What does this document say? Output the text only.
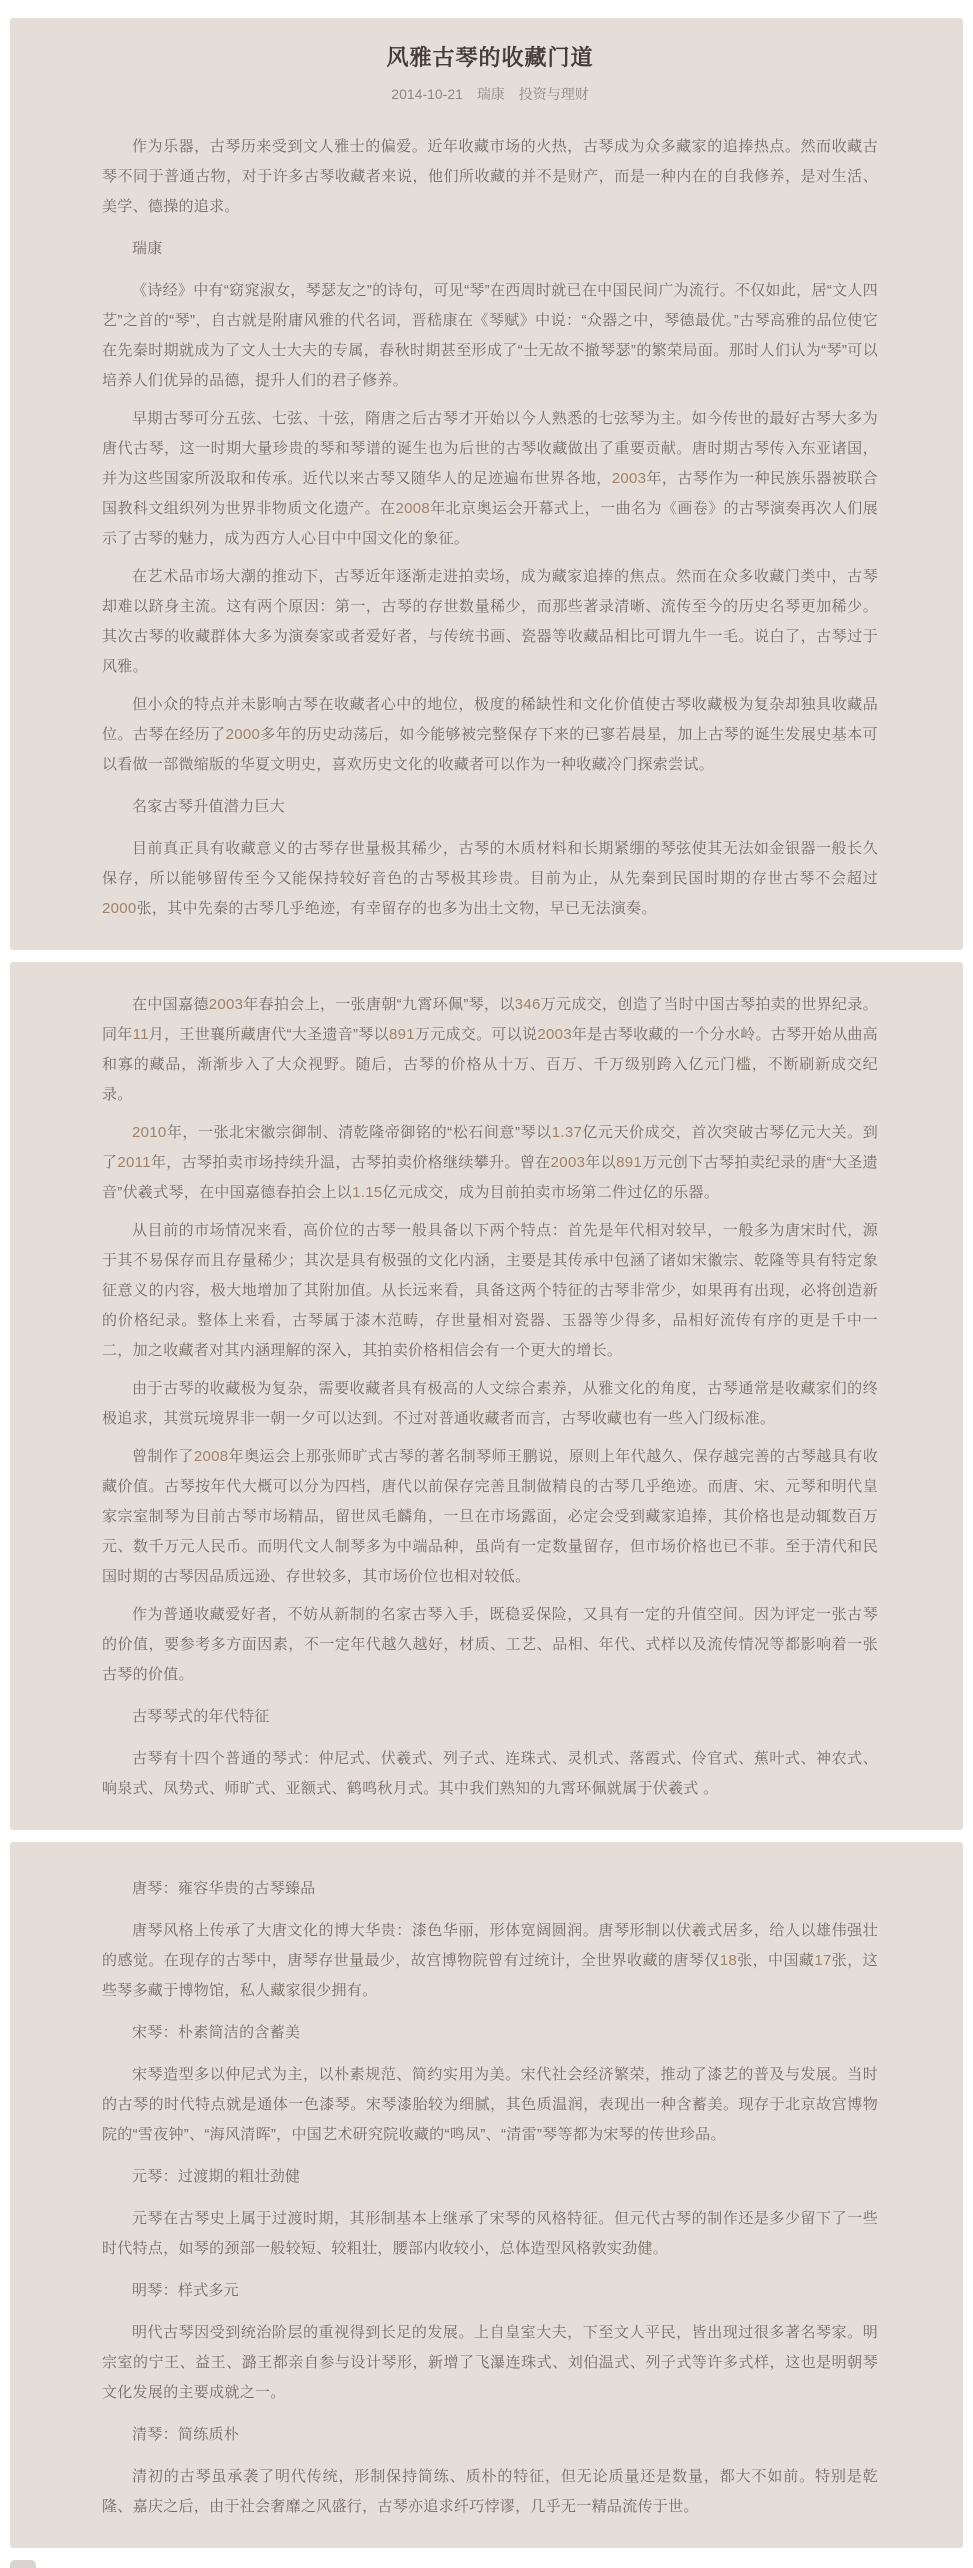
风雅古琴的收藏门道
2014-10-21 瑞康 投资与理财

作为乐器，古琴历来受到文人雅士的偏爱。近年收藏市场的火热，古琴成为众多藏家的追捧热点。然而收藏古琴不同于普通古物，对于许多古琴收藏者来说，他们所收藏的并不是财产，而是一种内在的自我修养，是对生活、美学、德操的追求。

瑞康

《诗经》中有“窈窕淑女，琴瑟友之”的诗句，可见“琴”在西周时就已在中国民间广为流行。不仅如此，居“文人四艺”之首的“琴”，自古就是附庸风雅的代名词，晋嵇康在《琴赋》中说：“众器之中，琴德最优。”古琴高雅的品位使它在先秦时期就成为了文人士大夫的专属，春秋时期甚至形成了“士无故不撤琴瑟”的繁荣局面。那时人们认为“琴”可以培养人们优异的品德，提升人们的君子修养。

早期古琴可分五弦、七弦、十弦，隋唐之后古琴才开始以今人熟悉的七弦琴为主。如今传世的最好古琴大多为唐代古琴，这一时期大量珍贵的琴和琴谱的诞生也为后世的古琴收藏做出了重要贡献。唐时期古琴传入东亚诸国，并为这些国家所汲取和传承。近代以来古琴又随华人的足迹遍布世界各地，2003年，古琴作为一种民族乐器被联合国教科文组织列为世界非物质文化遗产。在2008年北京奥运会开幕式上，一曲名为《画卷》的古琴演奏再次人们展示了古琴的魅力，成为西方人心目中中国文化的象征。

在艺术品市场大潮的推动下，古琴近年逐渐走进拍卖场，成为藏家追捧的焦点。然而在众多收藏门类中，古琴却难以跻身主流。这有两个原因：第一，古琴的存世数量稀少，而那些著录清晰、流传至今的历史名琴更加稀少。其次古琴的收藏群体大多为演奏家或者爱好者，与传统书画、瓷器等收藏品相比可谓九牛一毛。说白了，古琴过于风雅。

但小众的特点并未影响古琴在收藏者心中的地位，极度的稀缺性和文化价值使古琴收藏极为复杂却独具收藏品位。古琴在经历了2000多年的历史动荡后，如今能够被完整保存下来的已寥若晨星，加上古琴的诞生发展史基本可以看做一部微缩版的华夏文明史，喜欢历史文化的收藏者可以作为一种收藏冷门探索尝试。

名家古琴升值潜力巨大

目前真正具有收藏意义的古琴存世量极其稀少，古琴的木质材料和长期紧绷的琴弦使其无法如金银器一般长久保存，所以能够留传至今又能保持较好音色的古琴极其珍贵。目前为止，从先秦到民国时期的存世古琴不会超过2000张，其中先秦的古琴几乎绝迹，有幸留存的也多为出土文物，早已无法演奏。

在中国嘉德2003年春拍会上，一张唐朝“九霄环佩”琴，以346万元成交，创造了当时中国古琴拍卖的世界纪录。同年11月，王世襄所藏唐代“大圣遗音”琴以891万元成交。可以说2003年是古琴收藏的一个分水岭。古琴开始从曲高和寡的藏品，渐渐步入了大众视野。随后，古琴的价格从十万、百万、千万级别跨入亿元门槛，不断刷新成交纪录。

2010年，一张北宋徽宗御制、清乾隆帝御铭的“松石间意”琴以1.37亿元天价成交，首次突破古琴亿元大关。到了2011年，古琴拍卖市场持续升温，古琴拍卖价格继续攀升。曾在2003年以891万元创下古琴拍卖纪录的唐“大圣遗音”伏羲式琴，在中国嘉德春拍会上以1.15亿元成交，成为目前拍卖市场第二件过亿的乐器。

从目前的市场情况来看，高价位的古琴一般具备以下两个特点：首先是年代相对较早，一般多为唐宋时代，源于其不易保存而且存量稀少；其次是具有极强的文化内涵，主要是其传承中包涵了诸如宋徽宗、乾隆等具有特定象征意义的内容，极大地增加了其附加值。从长远来看，具备这两个特征的古琴非常少，如果再有出现，必将创造新的价格纪录。整体上来看，古琴属于漆木范畴，存世量相对瓷器、玉器等少得多，品相好流传有序的更是千中一二，加之收藏者对其内涵理解的深入，其拍卖价格相信会有一个更大的增长。

由于古琴的收藏极为复杂，需要收藏者具有极高的人文综合素养，从雅文化的角度，古琴通常是收藏家们的终极追求，其赏玩境界非一朝一夕可以达到。不过对普通收藏者而言，古琴收藏也有一些入门级标准。

曾制作了2008年奥运会上那张师旷式古琴的著名制琴师王鹏说，原则上年代越久、保存越完善的古琴越具有收藏价值。古琴按年代大概可以分为四档，唐代以前保存完善且制做精良的古琴几乎绝迹。而唐、宋、元琴和明代皇家宗室制琴为目前古琴市场精品，留世凤毛麟角，一旦在市场露面，必定会受到藏家追捧，其价格也是动辄数百万元、数千万元人民币。而明代文人制琴多为中端品种，虽尚有一定数量留存，但市场价格也已不菲。至于清代和民国时期的古琴因品质远逊、存世较多，其市场价位也相对较低。

作为普通收藏爱好者，不妨从新制的名家古琴入手，既稳妥保险，又具有一定的升值空间。因为评定一张古琴的价值，要参考多方面因素，不一定年代越久越好，材质、工艺、品相、年代、式样以及流传情况等都影响着一张古琴的价值。

古琴琴式的年代特征

古琴有十四个普通的琴式：仲尼式、伏羲式、列子式、连珠式、灵机式、落霞式、伶官式、蕉叶式、神农式、响泉式、凤势式、师旷式、亚额式、鹤鸣秋月式。其中我们熟知的九霄环佩就属于伏羲式 。

唐琴：雍容华贵的古琴臻品

唐琴风格上传承了大唐文化的博大华贵：漆色华丽，形体宽阔圆润。唐琴形制以伏羲式居多，给人以雄伟强壮的感觉。在现存的古琴中，唐琴存世量最少，故宫博物院曾有过统计，全世界收藏的唐琴仅18张，中国藏17张，这些琴多藏于博物馆，私人藏家很少拥有。

宋琴：朴素简洁的含蓄美

宋琴造型多以仲尼式为主，以朴素规范、简约实用为美。宋代社会经济繁荣，推动了漆艺的普及与发展。当时的古琴的时代特点就是通体一色漆琴。宋琴漆胎较为细腻，其色质温润，表现出一种含蓄美。现存于北京故宫博物院的“雪夜钟”、“海风清晖”，中国艺术研究院收藏的“鸣凤”、“清雷”琴等都为宋琴的传世珍品。

元琴：过渡期的粗壮劲健

元琴在古琴史上属于过渡时期，其形制基本上继承了宋琴的风格特征。但元代古琴的制作还是多少留下了一些时代特点，如琴的颈部一般较短、较粗壮，腰部内收较小，总体造型风格敦实劲健。

明琴：样式多元

明代古琴因受到统治阶层的重视得到长足的发展。上自皇室大夫，下至文人平民，皆出现过很多著名琴家。明宗室的宁王、益王、潞王都亲自参与设计琴形，新增了飞瀑连珠式、刘伯温式、列子式等许多式样，这也是明朝琴文化发展的主要成就之一。

清琴：简练质朴

清初的古琴虽承袭了明代传统，形制保持简练、质朴的特征，但无论质量还是数量，都大不如前。特别是乾隆、嘉庆之后，由于社会奢靡之风盛行，古琴亦追求纤巧悖谬，几乎无一精品流传于世。
